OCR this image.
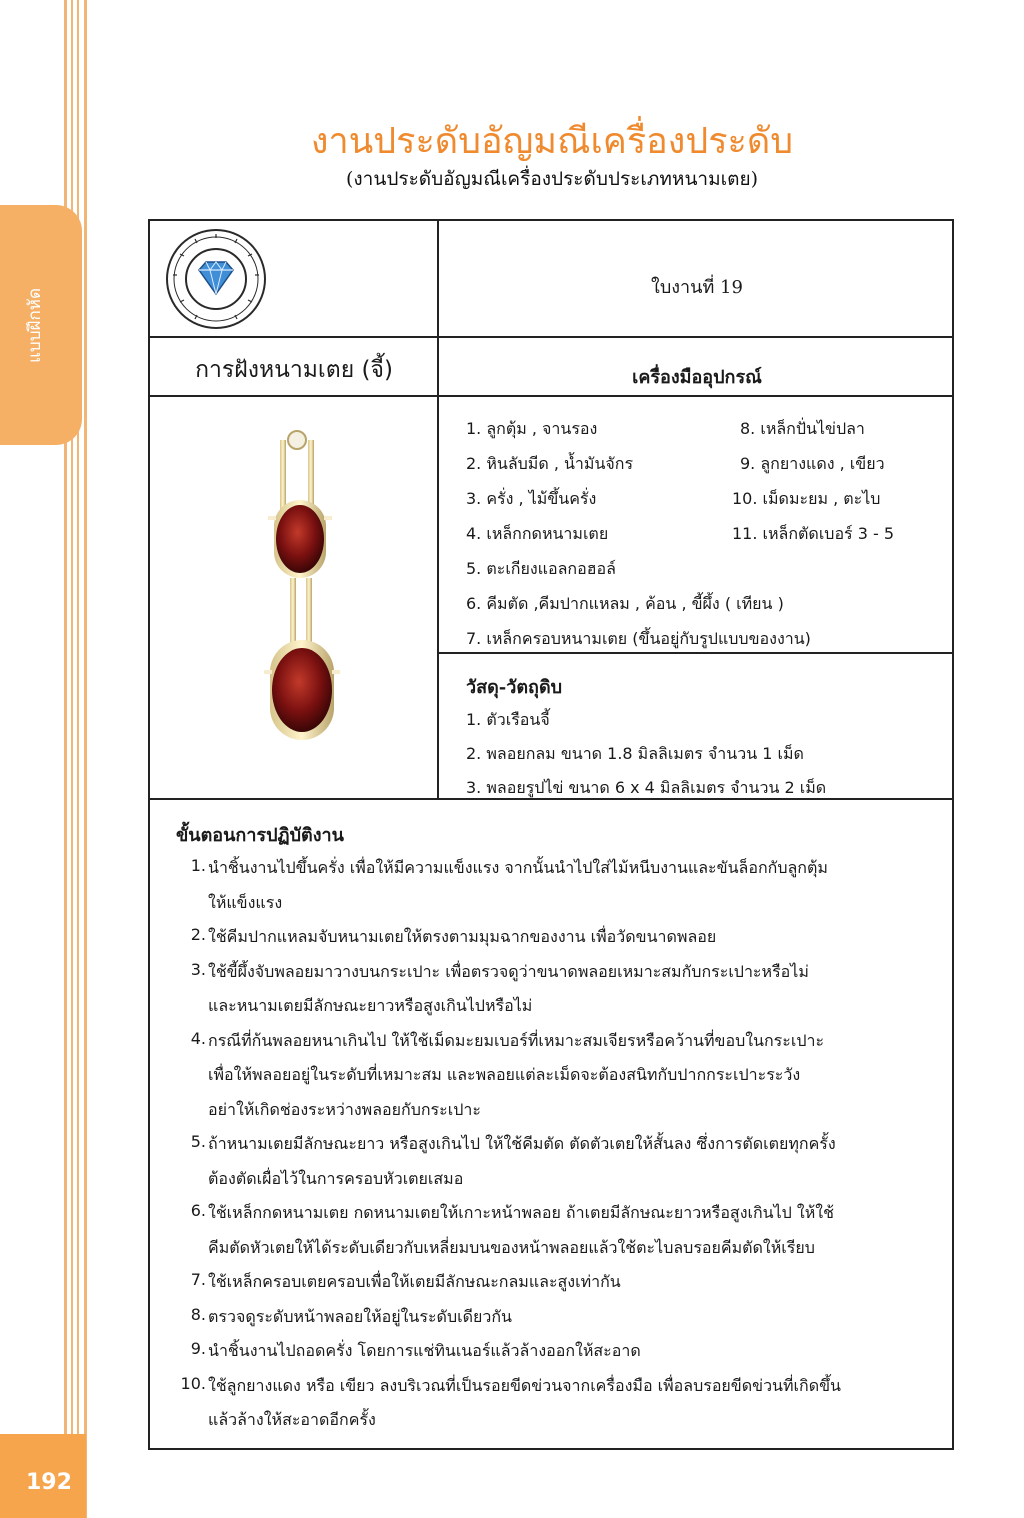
แบบฝึกหัด
192
งานประดับอัญมณีเครื่องประดับ
(งานประดับอัญมณีเครื่องประดับประเภทหนามเตย)
ใบงานที่ 19
การฝังหนามเตย (จี้)	เครื่องมืออุปกรณ์
1. ลูกตุ้ม , จานรอง
2. หินลับมีด , น้ำมันจักร
3. ครั่ง , ไม้ขึ้นครั่ง
4. เหล็กกดหนามเตย
5. ตะเกียงแอลกอฮอล์
6. คีมตัด ,คีมปากแหลม , ค้อน , ขี้ผึ้ง ( เทียน )
7. เหล็กครอบหนามเตย (ขึ้นอยู่กับรูปแบบของงาน)
8. เหล็กปั่นไข่ปลา
9. ลูกยางแดง , เขียว
10. เม็ดมะยม , ตะไบ
11. เหล็กตัดเบอร์ 3 - 5
วัสดุ-วัตถุดิบ
1. ตัวเรือนจี้
2. พลอยกลม ขนาด 1.8 มิลลิเมตร จำนวน 1 เม็ด
3. พลอยรูปไข่ ขนาด 6 x 4 มิลลิเมตร จำนวน 2 เม็ด
ขั้นตอนการปฏิบัติงาน
1. นำชิ้นงานไปขึ้นครั่ง เพื่อให้มีความแข็งแรง จากนั้นนำไปใส่ไม้หนีบงานและขันล็อกกับลูกตุ้ม
ให้แข็งแรง
2. ใช้คีมปากแหลมจับหนามเตยให้ตรงตามมุมฉากของงาน เพื่อวัดขนาดพลอย
3. ใช้ขี้ผึ้งจับพลอยมาวางบนกระเปาะ เพื่อตรวจดูว่าขนาดพลอยเหมาะสมกับกระเปาะหรือไม่
และหนามเตยมีลักษณะยาวหรือสูงเกินไปหรือไม่
4. กรณีที่ก้นพลอยหนาเกินไป ให้ใช้เม็ดมะยมเบอร์ที่เหมาะสมเจียรหรือคว้านที่ขอบในกระเปาะ
เพื่อให้พลอยอยู่ในระดับที่เหมาะสม และพลอยแต่ละเม็ดจะต้องสนิทกับปากกระเปาะระวัง
อย่าให้เกิดช่องระหว่างพลอยกับกระเปาะ
5. ถ้าหนามเตยมีลักษณะยาว หรือสูงเกินไป ให้ใช้คีมตัด ตัดตัวเตยให้สั้นลง ซึ่งการตัดเตยทุกครั้ง
ต้องตัดเผื่อไว้ในการครอบหัวเตยเสมอ
6. ใช้เหล็กกดหนามเตย กดหนามเตยให้เกาะหน้าพลอย ถ้าเตยมีลักษณะยาวหรือสูงเกินไป ให้ใช้
คีมตัดหัวเตยให้ได้ระดับเดียวกับเหลี่ยมบนของหน้าพลอยแล้วใช้ตะไบลบรอยคีมตัดให้เรียบ
7. ใช้เหล็กครอบเตยครอบเพื่อให้เตยมีลักษณะกลมและสูงเท่ากัน
8. ตรวจดูระดับหน้าพลอยให้อยู่ในระดับเดียวกัน
9. นำชิ้นงานไปถอดครั่ง โดยการแช่ทินเนอร์แล้วล้างออกให้สะอาด
10. ใช้ลูกยางแดง หรือ เขียว ลงบริเวณที่เป็นรอยขีดข่วนจากเครื่องมือ เพื่อลบรอยขีดข่วนที่เกิดขึ้น
แล้วล้างให้สะอาดอีกครั้ง
